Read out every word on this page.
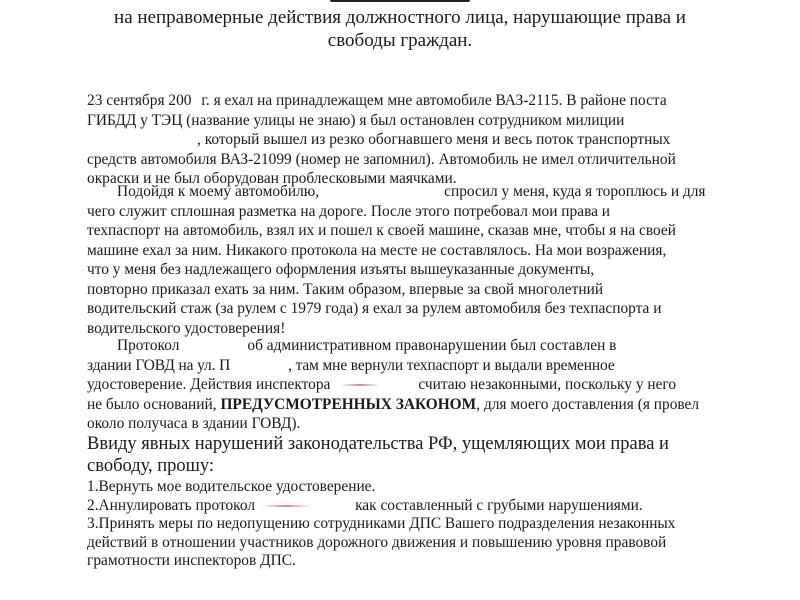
на неправомерные действия должностного лица, нарушающие права и
свободы граждан.
23 сентября 200 г. я ехал на принадлежащем мне автомобиле ВАЗ-2115. В районе поста
ГИБДД у ТЭЦ (название улицы не знаю) я был остановлен сотрудником милиции
, который вышел из резко обогнавшего меня и весь поток транспортных
средств автомобиля ВАЗ-21099 (номер не запомнил). Автомобиль не имел отличительной
окраски и не был оборудован проблесковыми маячками.
Подойдя к моему автомобилю,	спросил у меня, куда я тороплюсь и для
чего служит сплошная разметка на дороге. После этого потребовал мои права и
техпаспорт на автомобиль, взял их и пошел к своей машине, сказав мне, чтобы я на своей
машине ехал за ним. Никакого протокола на месте не составлялось. На мои возражения,
что у меня без надлежащего оформления изъяты вышеуказанные документы,
повторно приказал ехать за ним. Таким образом, впервые за свой многолетний
водительский стаж (за рулем с 1979 года) я ехал за рулем автомобиля без техпаспорта и
водительского удостоверения!
Протокол	об административном правонарушении был составлен в
здании ГОВД на ул. П	, там мне вернули техпаспорт и выдали временное
удостоверение. Действия инспектора	считаю незаконными, поскольку у него
не было оснований, ПРЕДУСМОТРЕННЫХ ЗАКОНОМ, для моего доставления (я провел
около получаса в здании ГОВД).
Ввиду явных нарушений законодательства РФ, ущемляющих мои права и
свободу, прошу:
1.Вернуть мое водительское удостоверение.
2.Аннулировать протокол	как составленный с грубыми нарушениями.
3.Принять меры по недопущению сотрудниками ДПС Вашего подразделения незаконных
действий в отношении участников дорожного движения и повышению уровня правовой
грамотности инспекторов ДПС.
